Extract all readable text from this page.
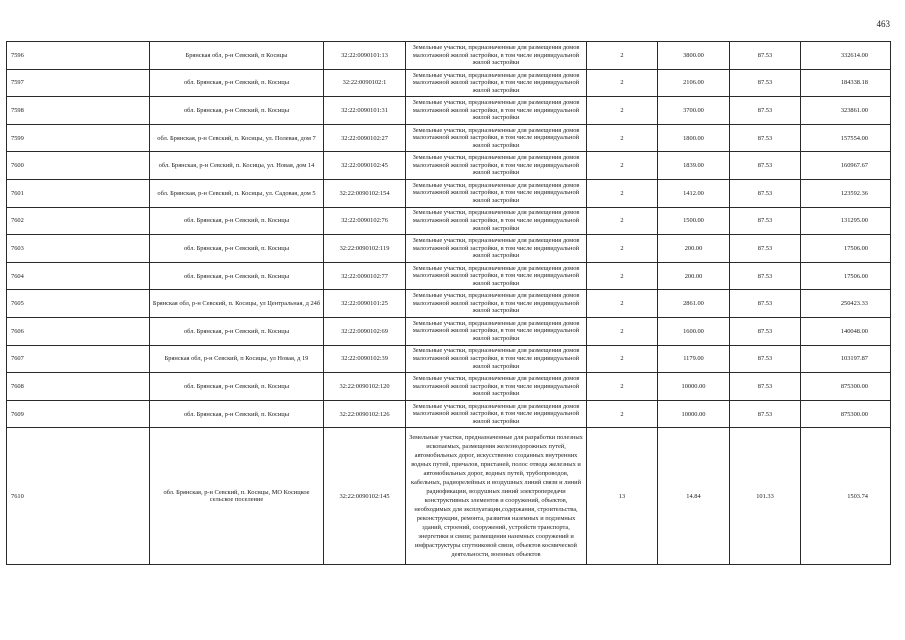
463
7596	Брянская обл, р-н Севский, п Косицы	32:22:0090101:13	Земельные участки, предназначенные для размещения домов малоэтажной жилой застройки, в том числе индивидуальной жилой застройки	2	3800.00	87.53	332614.00
7597	обл. Брянская, р-н Севский, п. Косицы	32:22:0090102:1	Земельные участки, предназначенные для размещения домов малоэтажной жилой застройки, в том числе индивидуальной жилой застройки	2	2106.00	87.53	184338.18
7598	обл. Брянская, р-н Севский, п. Косицы	32:22:0090101:31	Земельные участки, предназначенные для размещения домов малоэтажной жилой застройки, в том числе индивидуальной жилой застройки	2	3700.00	87.53	323861.00
7599	обл. Брянская, р-н Севский, п. Косицы, ул. Полевая, дом 7	32:22:0090102:27	Земельные участки, предназначенные для размещения домов малоэтажной жилой застройки, в том числе индивидуальной жилой застройки	2	1800.00	87.53	157554.00
7600	обл. Брянская, р-н Севский, п. Косицы, ул. Новая, дом 14	32:22:0090102:45	Земельные участки, предназначенные для размещения домов малоэтажной жилой застройки, в том числе индивидуальной жилой застройки	2	1839.00	87.53	160967.67
7601	обл. Брянская, р-н Севский, п. Косицы, ул. Садовая, дом 5	32:22:0090102:154	Земельные участки, предназначенные для размещения домов малоэтажной жилой застройки, в том числе индивидуальной жилой застройки	2	1412.00	87.53	123592.36
7602	обл. Брянская, р-н Севский, п. Косицы	32:22:0090102:76	Земельные участки, предназначенные для размещения домов малоэтажной жилой застройки, в том числе индивидуальной жилой застройки	2	1500.00	87.53	131295.00
7603	обл. Брянская, р-н Севский, п. Косицы	32:22:0090102:119	Земельные участки, предназначенные для размещения домов малоэтажной жилой застройки, в том числе индивидуальной жилой застройки	2	200.00	87.53	17506.00
7604	обл. Брянская, р-н Севский, п. Косицы	32:22:0090102:77	Земельные участки, предназначенные для размещения домов малоэтажной жилой застройки, в том числе индивидуальной жилой застройки	2	200.00	87.53	17506.00
7605	Брянская обл, р-н Севский, п. Косицы, ул Центральная, д 24б	32:22:0090101:25	Земельные участки, предназначенные для размещения домов малоэтажной жилой застройки, в том числе индивидуальной жилой застройки	2	2861.00	87.53	250423.33
7606	обл. Брянская, р-н Севский, п. Косицы	32:22:0090102:69	Земельные участки, предназначенные для размещения домов малоэтажной жилой застройки, в том числе индивидуальной жилой застройки	2	1600.00	87.53	140048.00
7607	Брянская обл, р-н Севский, п Косицы, ул Новая, д 19	32:22:0090102:39	Земельные участки, предназначенные для размещения домов малоэтажной жилой застройки, в том числе индивидуальной жилой застройки	2	1179.00	87.53	103197.87
7608	обл. Брянская, р-н Севский, п. Косицы	32:22:0090102:120	Земельные участки, предназначенные для размещения домов малоэтажной жилой застройки, в том числе индивидуальной жилой застройки	2	10000.00	87.53	875300.00
7609	обл. Брянская, р-н Севский, п. Косицы	32:22:0090102:126	Земельные участки, предназначенные для размещения домов малоэтажной жилой застройки, в том числе индивидуальной жилой застройки	2	10000.00	87.53	875300.00
7610	обл. Брянская, р-н Севский, п. Косицы, МО Косицкое сельское поселение	32:22:0090102:145	Земельные участки, предназначенные для разработки полезных ископаемых, размещения железнодорожных путей, автомобильных дорог, искусственно созданных внутренних водных путей, причалов, пристаней, полос отвода железных и автомобильных дорог, водных путей, трубопроводов, кабельных, радиорелейных и воздушных линий связи и линий радиофикации, воздушных линий электропередачи конструктивных элементов и сооружений, объектов, необходимых для эксплуатации,содержания, строительства, реконструкции, ремонта, развития наземных и подземных зданий, строений, сооружений, устройств транспорта, энергетики и связи; размещения наземных сооружений и инфраструктуры спутниковой связи, объектов космической деятельности, военных объектов	13	14.84	101.33	1503.74
